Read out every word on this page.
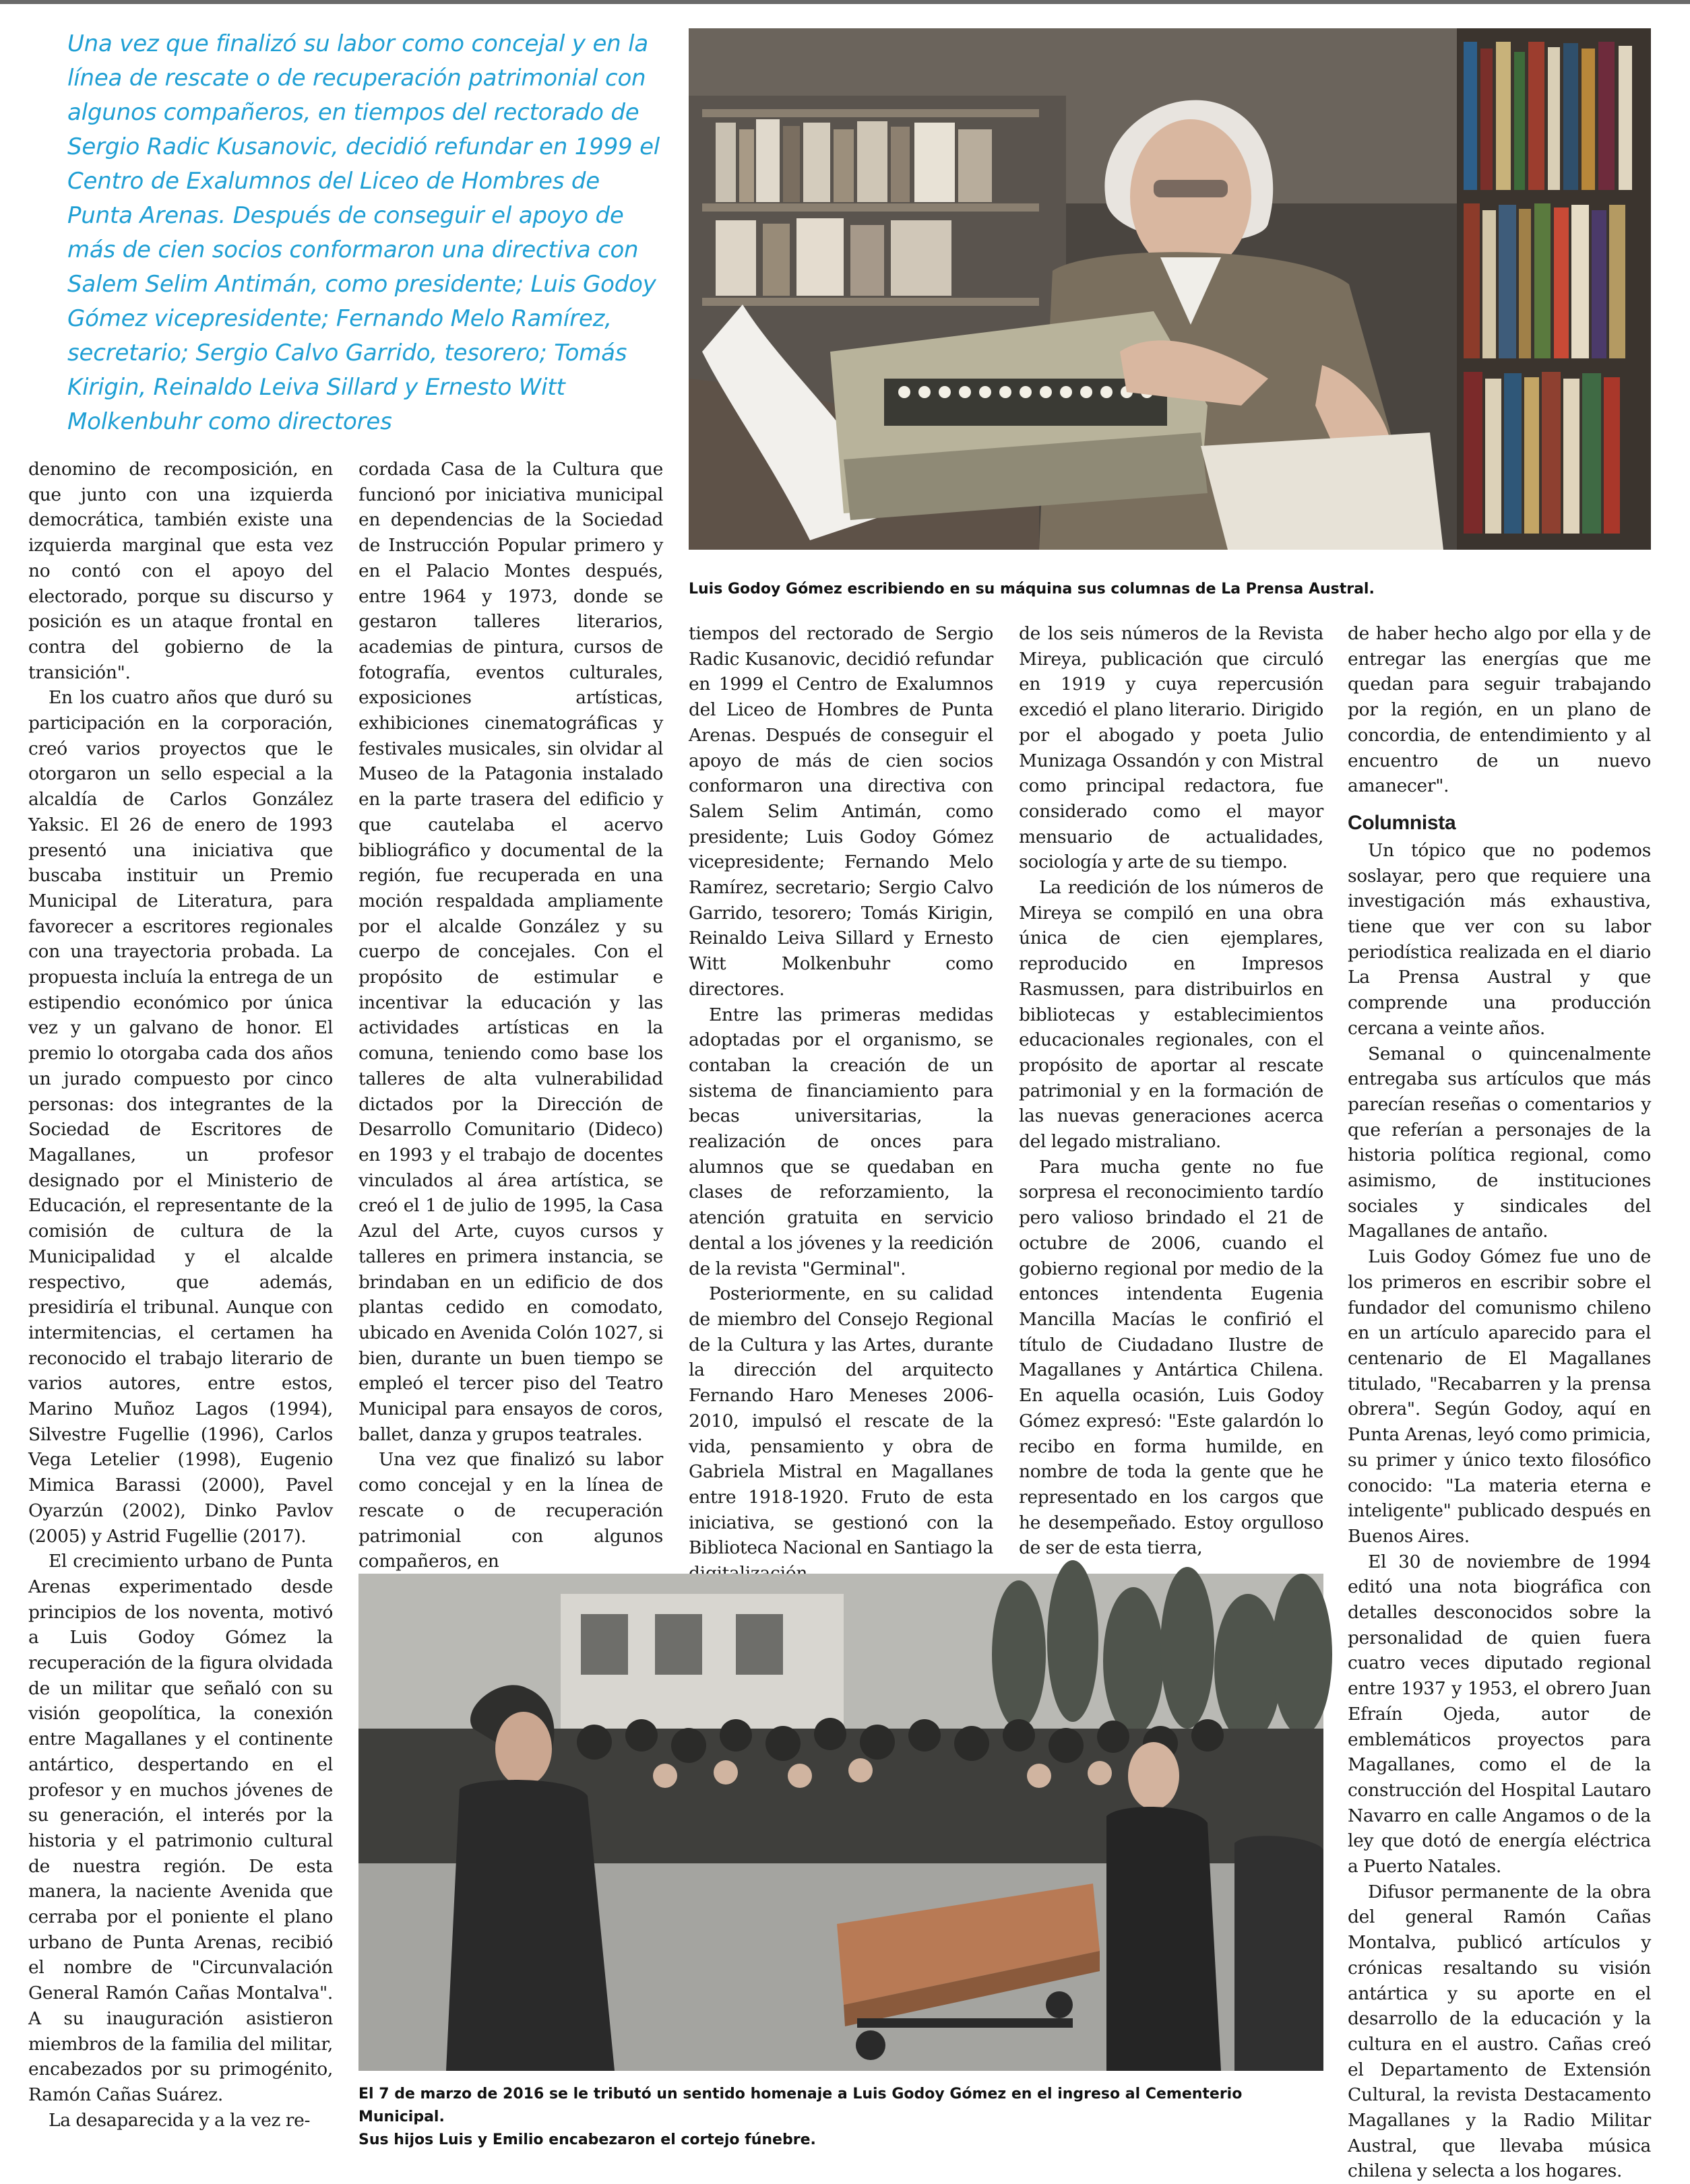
Una vez que finalizó su labor como concejal y en la línea de rescate o de recuperación patrimonial con algunos compañeros, en tiempos del rectorado de Sergio Radic Kusanovic, decidió refundar en 1999 el Centro de Exalumnos del Liceo de Hombres de Punta Arenas. Después de conseguir el apoyo de más de cien socios conformaron una directiva con Salem Selim Antimán, como presidente; Luis Godoy Gómez vicepresidente; Fernando Melo Ramírez, secretario; Sergio Calvo Garrido, tesorero; Tomás Kirigin, Reinaldo Leiva Sillard y Ernesto Witt Molkenbuhr como directores
Luis Godoy Gómez escribiendo en su máquina sus columnas de La Prensa Austral.

denomino de recomposición, en que junto con una izquierda democrática, también existe una izquierda marginal que esta vez no contó con el apoyo del electorado, porque su discurso y posición es un ataque frontal en contra del gobierno de la transición".

En los cuatro años que duró su participación en la corporación, creó varios proyectos que le otorgaron un sello especial a la alcaldía de Carlos González Yaksic. El 26 de enero de 1993 presentó una iniciativa que buscaba instituir un Premio Municipal de Literatura, para favorecer a escritores regionales con una trayectoria probada. La propuesta incluía la entrega de un estipendio económico por única vez y un galvano de honor. El premio lo otorgaba cada dos años un jurado compuesto por cinco personas: dos integrantes de la Sociedad de Escritores de Magallanes, un profesor designado por el Ministerio de Educación, el representante de la comisión de cultura de la Municipalidad y el alcalde respectivo, que además, presidiría el tribunal. Aunque con intermitencias, el certamen ha reconocido el trabajo literario de varios autores, entre estos, Marino Muñoz Lagos (1994), Silvestre Fugellie (1996), Carlos Vega Letelier (1998), Eugenio Mimica Barassi (2000), Pavel Oyarzún (2002), Dinko Pavlov (2005) y Astrid Fugellie (2017).

El crecimiento urbano de Punta Arenas experimentado desde principios de los noventa, motivó a Luis Godoy Gómez la recuperación de la figura olvidada de un militar que señaló con su visión geopolítica, la conexión entre Magallanes y el continente antártico, despertando en el profesor y en muchos jóvenes de su generación, el interés por la historia y el patrimonio cultural de nuestra región. De esta manera, la naciente Avenida que cerraba por el poniente el plano urbano de Punta Arenas, recibió el nombre de "Circunvalación General Ramón Cañas Montalva". A su inauguración asistieron miembros de la familia del militar, encabezados por su primogénito, Ramón Cañas Suárez.

La desaparecida y a la vez re-

cordada Casa de la Cultura que funcionó por iniciativa municipal en dependencias de la Sociedad de Instrucción Popular primero y en el Palacio Montes después, entre 1964 y 1973, donde se gestaron talleres literarios, academias de pintura, cursos de fotografía, eventos culturales, exposiciones artísticas, exhibiciones cinematográficas y festivales musicales, sin olvidar al Museo de la Patagonia instalado en la parte trasera del edificio y que cautelaba el acervo bibliográfico y documental de la región, fue recuperada en una moción respaldada ampliamente por el alcalde González y su cuerpo de concejales. Con el propósito de estimular e incentivar la educación y las actividades artísticas en la comuna, teniendo como base los talleres de alta vulnerabilidad dictados por la Dirección de Desarrollo Comunitario (Dideco) en 1993 y el trabajo de docentes vinculados al área artística, se creó el 1 de julio de 1995, la Casa Azul del Arte, cuyos cursos y talleres en primera instancia, se brindaban en un edificio de dos plantas cedido en comodato, ubicado en Avenida Colón 1027, si bien, durante un buen tiempo se empleó el tercer piso del Teatro Municipal para ensayos de coros, ballet, danza y grupos teatrales.

Una vez que finalizó su labor como concejal y en la línea de rescate o de recuperación patrimonial con algunos compañeros, en

tiempos del rectorado de Sergio Radic Kusanovic, decidió refundar en 1999 el Centro de Exalumnos del Liceo de Hombres de Punta Arenas. Después de conseguir el apoyo de más de cien socios conformaron una directiva con Salem Selim Antimán, como presidente; Luis Godoy Gómez vicepresidente; Fernando Melo Ramírez, secretario; Sergio Calvo Garrido, tesorero; Tomás Kirigin, Reinaldo Leiva Sillard y Ernesto Witt Molkenbuhr como directores.

Entre las primeras medidas adoptadas por el organismo, se contaban la creación de un sistema de financiamiento para becas universitarias, la realización de onces para alumnos que se quedaban en clases de reforzamiento, la atención gratuita en servicio dental a los jóvenes y la reedición de la revista "Germinal".

Posteriormente, en su calidad de miembro del Consejo Regional de la Cultura y las Artes, durante la dirección del arquitecto Fernando Haro Meneses 2006-2010, impulsó el rescate de la vida, pensamiento y obra de Gabriela Mistral en Magallanes entre 1918-1920. Fruto de esta iniciativa, se gestionó con la Biblioteca Nacional en Santiago la

de los seis números de la Revista Mireya, publicación que circuló en 1919 y cuya repercusión excedió el plano literario. Dirigido por el abogado y poeta Julio Munizaga Ossandón y con Mistral como principal redactora, fue considerado como el mayor mensuario de actualidades, sociología y arte de su tiempo.

La reedición de los números de Mireya se compiló en una obra única de cien ejemplares, reproducido en Impresos Rasmussen, para distribuirlos en bibliotecas y establecimientos educacionales regionales, con el propósito de aportar al rescate patrimonial y en la formación de las nuevas generaciones acerca del legado mistraliano.

Para mucha gente no fue sorpresa el reconocimiento tardío pero valioso brindado el 21 de octubre de 2006, cuando el gobierno regional por medio de la entonces intendenta Eugenia Mancilla Macías le confirió el título de Ciudadano Ilustre de Magallanes y Antártica Chilena. En aquella ocasión, Luis Godoy Gómez expresó: "Este galardón lo recibo en forma humilde, en nombre de toda la gente que he representado en los cargos que he desempeñado. Estoy orgulloso de ser de esta tierra,

de haber hecho algo por ella y de entregar las energías que me quedan para seguir trabajando por la región, en un plano de concordia, de entendimiento y al encuentro de un nuevo amanecer".

Columnista

Un tópico que no podemos soslayar, pero que requiere una investigación más exhaustiva, tiene que ver con su labor periodística realizada en el diario La Prensa Austral y que comprende una producción cercana a veinte años.

Semanal o quincenalmente entregaba sus artículos que más parecían reseñas o comentarios y que referían a personajes de la historia política regional, como asimismo, de instituciones sociales y sindicales del Magallanes de antaño.

Luis Godoy Gómez fue uno de los primeros en escribir sobre el fundador del comunismo chileno en un artículo aparecido para el centenario de El Magallanes titulado, "Recabarren y la prensa obrera". Según Godoy, aquí en Punta Arenas, leyó como primicia, su primer y único texto filosófico conocido: "La materia eterna e inteligente" publicado después en Buenos Aires.

El 30 de noviembre de 1994 editó una nota biográfica con detalles desconocidos sobre la personalidad de quien fuera cuatro veces diputado regional entre 1937 y 1953, el obrero Juan Efraín Ojeda, autor de emblemáticos proyectos para Magallanes, como el de la construcción del Hospital Lautaro Navarro en calle Angamos o de la ley que dotó de energía eléctrica a Puerto Natales.

Difusor permanente de la obra del general Ramón Cañas Montalva, publicó artículos y crónicas resaltando su visión antártica y su aporte en el desarrollo de la educación y la cultura en el austro. Cañas creó el Departamento de Extensión Cultural, la revista Destacamento Magallanes y la Radio Militar Austral, que llevaba música chilena y selecta a los hogares.

El 7 de marzo de 2016 se le tributó un sentido homenaje a Luis Godoy Gómez en el ingreso al Cementerio Municipal.
Sus hijos Luis y Emilio encabezaron el cortejo fúnebre.
